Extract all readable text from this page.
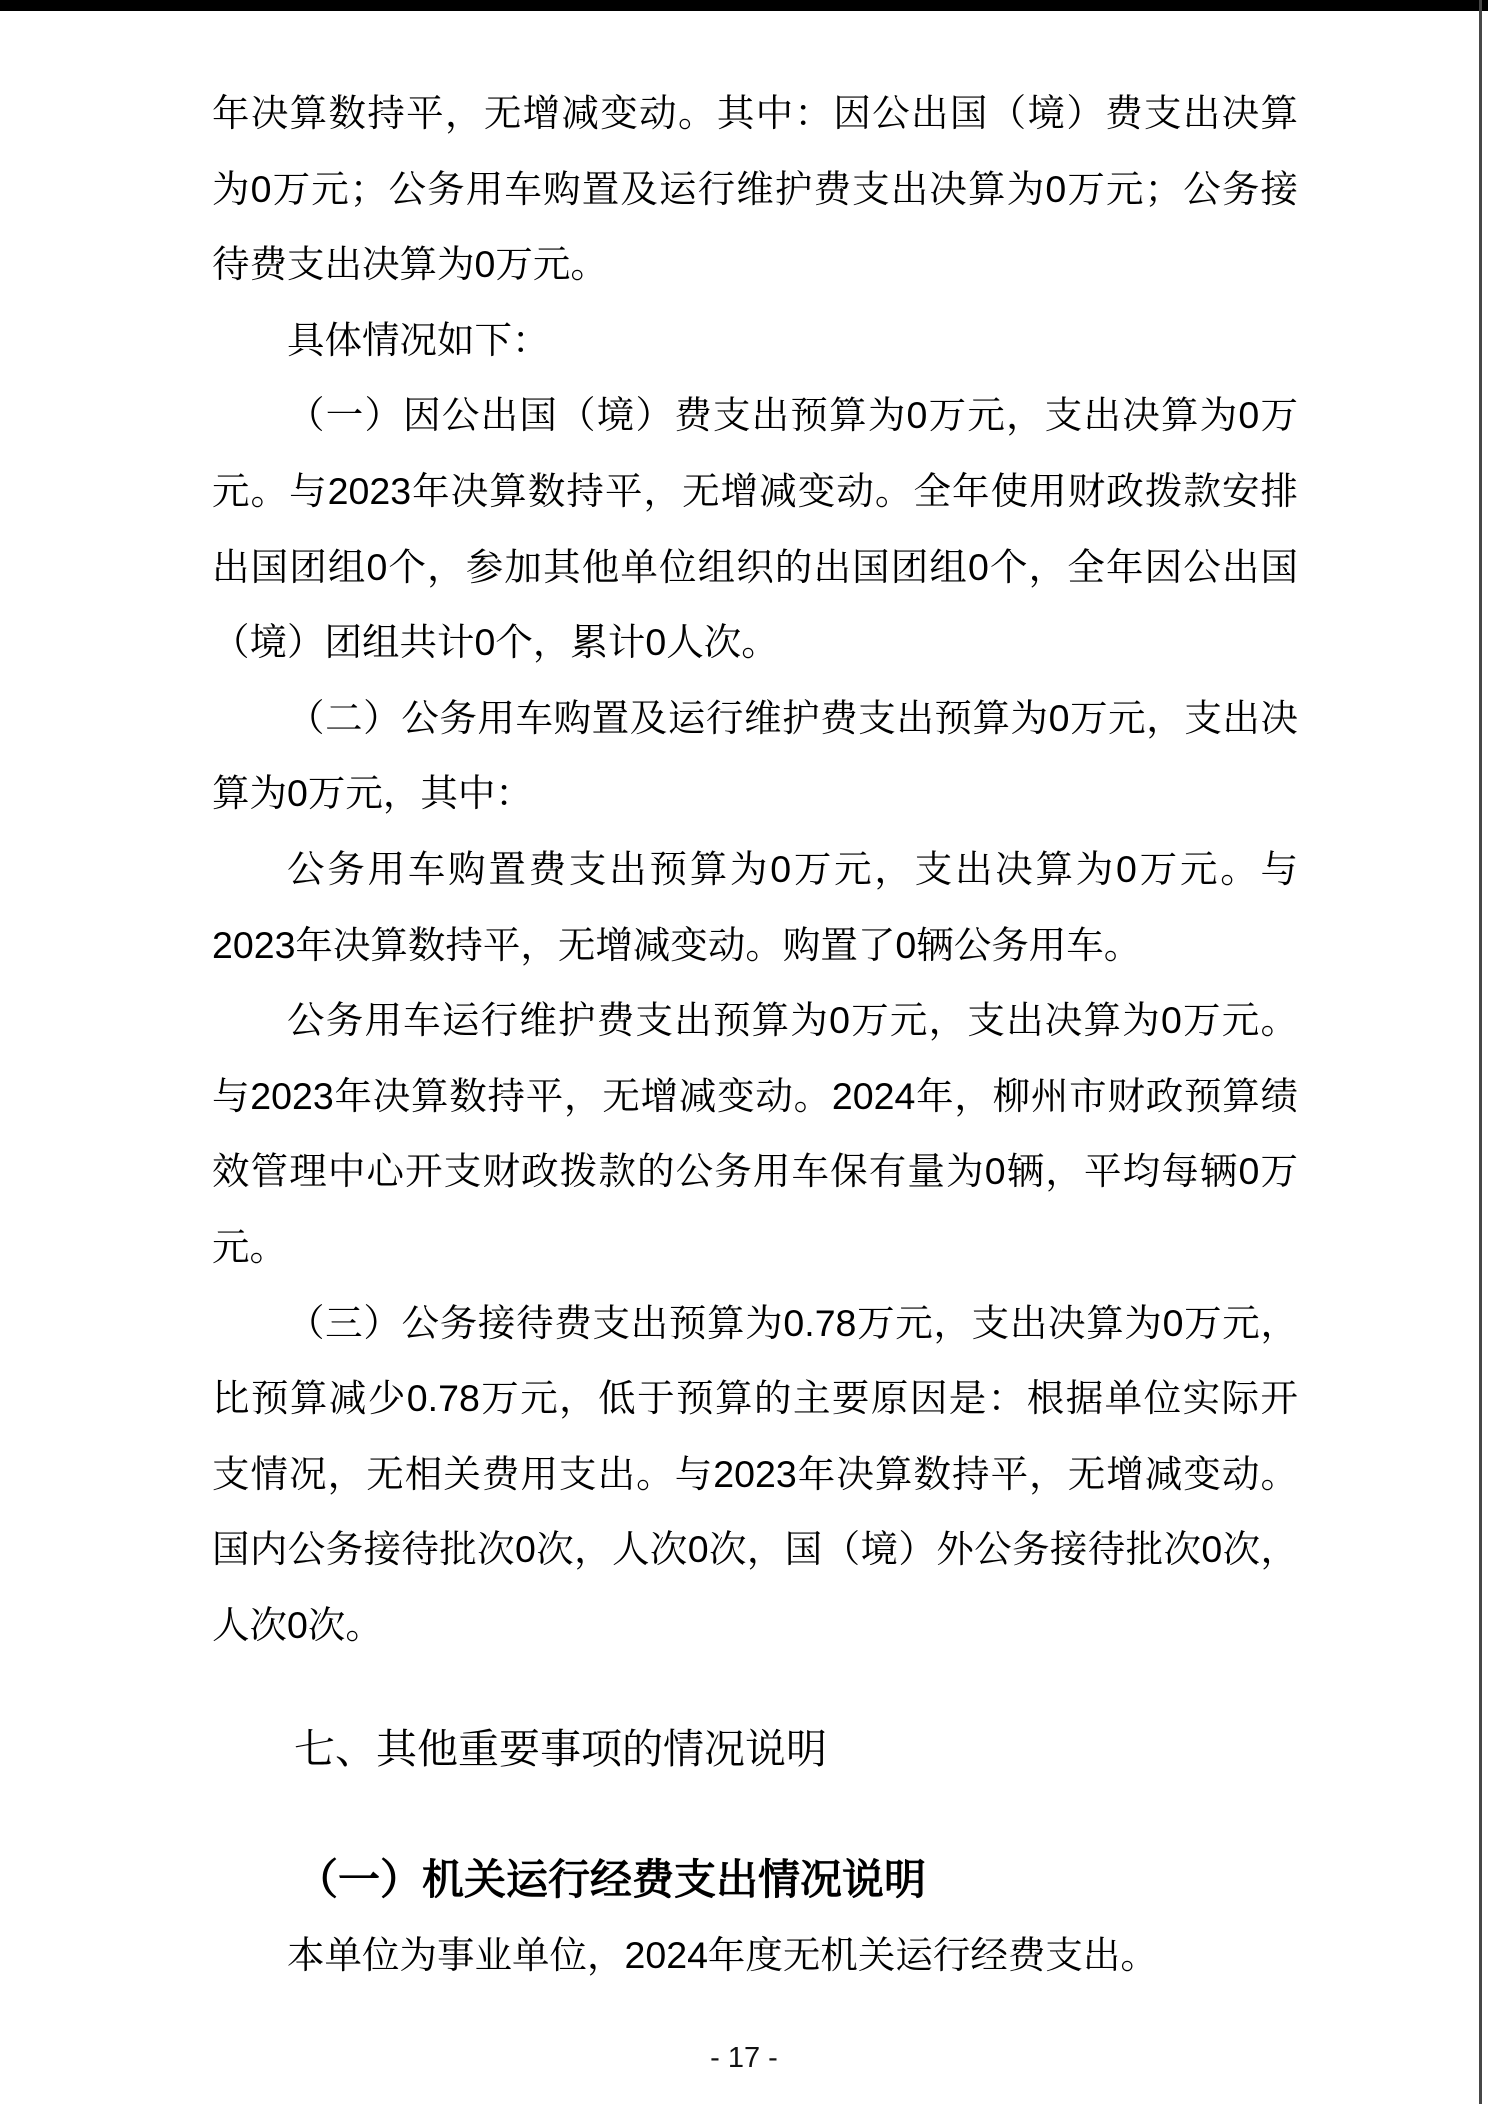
年决算数持平，无增减变动。其中：因公出国（境）费支出决算
为0万元；公务用车购置及运行维护费支出决算为0万元；公务接
待费支出决算为0万元。
具体情况如下：
（一）因公出国（境）费支出预算为0万元，支出决算为0万
元。与2023年决算数持平，无增减变动。全年使用财政拨款安排
出国团组0个，参加其他单位组织的出国团组0个，全年因公出国
（境）团组共计0个，累计0人次。
（二）公务用车购置及运行维护费支出预算为0万元，支出决
算为0万元，其中：
公务用车购置费支出预算为0万元，支出决算为0万元。与
2023年决算数持平，无增减变动。购置了0辆公务用车。
公务用车运行维护费支出预算为0万元，支出决算为0万元。
与2023年决算数持平，无增减变动。2024年，柳州市财政预算绩
效管理中心开支财政拨款的公务用车保有量为0辆，平均每辆0万
元。
（三）公务接待费支出预算为0.78万元，支出决算为0万元，
比预算减少0.78万元，低于预算的主要原因是：根据单位实际开
支情况，无相关费用支出。与2023年决算数持平，无增减变动。
国内公务接待批次0次，人次0次，国（境）外公务接待批次0次，
人次0次。
七、其他重要事项的情况说明
（一）机关运行经费支出情况说明

本单位为事业单位，2024年度无机关运行经费支出。

- 17 -
